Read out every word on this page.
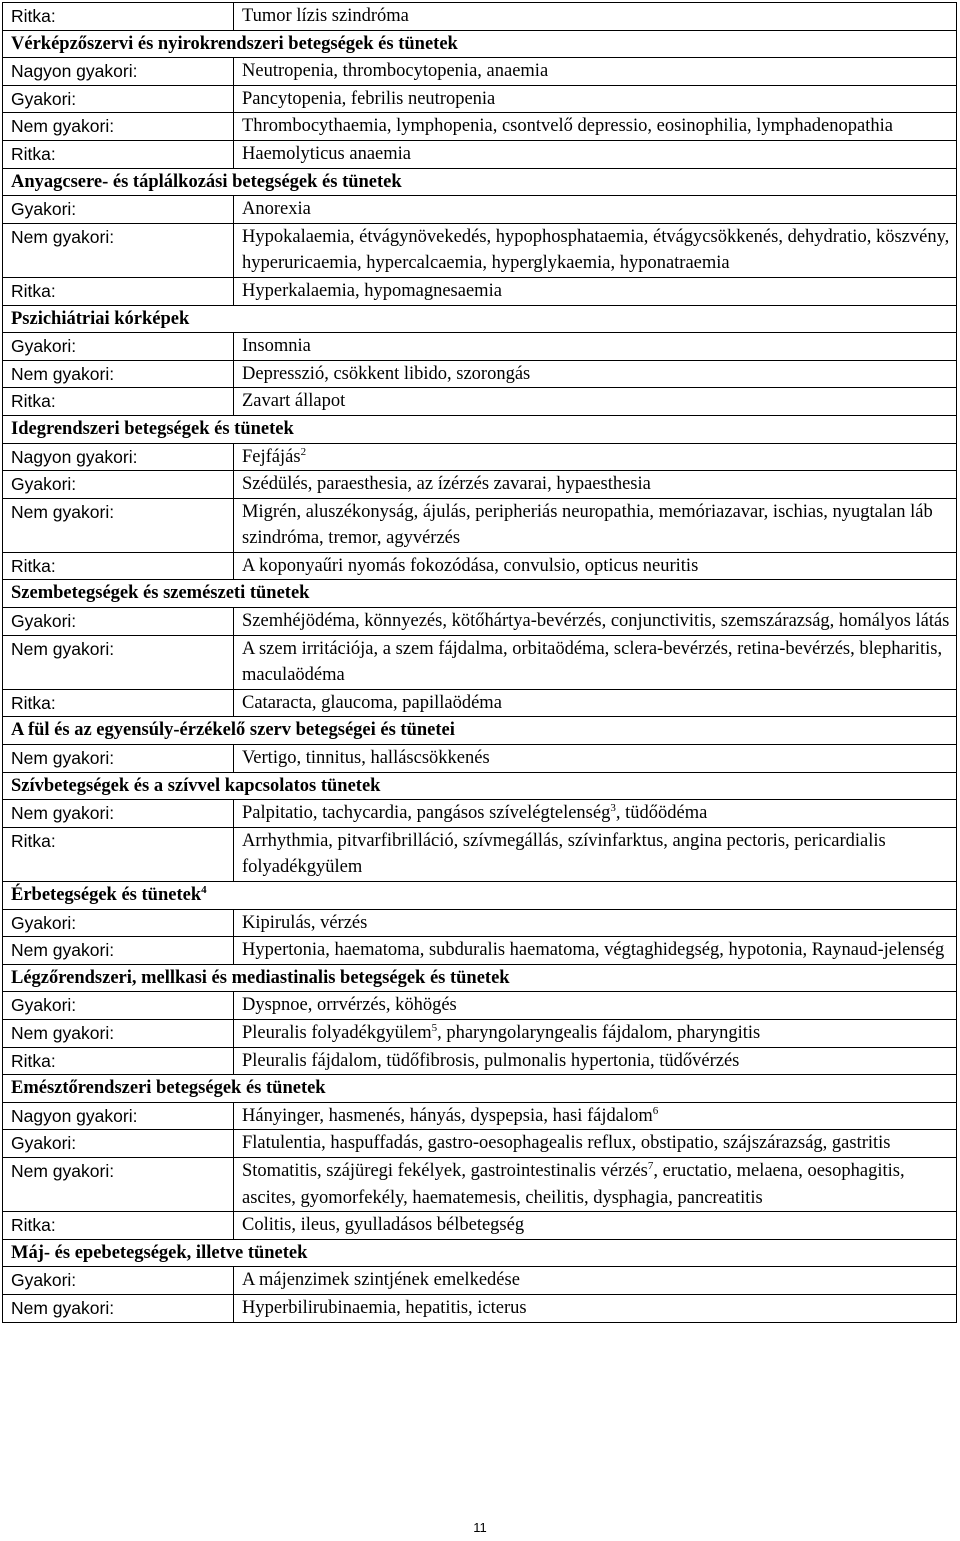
Ritka:	Tumor lízis szindróma
Vérképzőszervi és nyirokrendszeri betegségek és tünetek	
Nagyon gyakori:	Neutropenia, thrombocytopenia, anaemia
Gyakori:	Pancytopenia, febrilis neutropenia
Nem gyakori:	Thrombocythaemia, lymphopenia, csontvelő depressio, eosinophilia, lymphadenopathia
Ritka:	Haemolyticus anaemia
Anyagcsere- és táplálkozási betegségek és tünetek	
Gyakori:	Anorexia
Nem gyakori:	Hypokalaemia, étvágynövekedés, hypophosphataemia, étvágycsökkenés, dehydratio, köszvény, hyperuricaemia, hypercalcaemia, hyperglykaemia, hyponatraemia
Ritka:	Hyperkalaemia, hypomagnesaemia
Pszichiátriai kórképek	
Gyakori:	Insomnia
Nem gyakori:	Depresszió, csökkent libido, szorongás
Ritka:	Zavart állapot
Idegrendszeri betegségek és tünetek	
Nagyon gyakori:	Fejfájás$^2$
Gyakori:	Szédülés, paraesthesia, az ízérzés zavarai, hypaesthesia
Nem gyakori:	Migrén, aluszékonyság, ájulás, peripheriás neuropathia, memóriazavar, ischias, nyugtalan láb szindróma, tremor, agyvérzés
Ritka:	A koponyaűri nyomás fokozódása, convulsio, opticus neuritis
Szembetegségek és szemészeti tünetek	
Gyakori:	Szemhéjödéma, könnyezés, kötőhártya-bevérzés, conjunctivitis, szemszárazság, homályos látás
Nem gyakori:	A szem irritációja, a szem fájdalma, orbitaödéma, sclera-bevérzés, retina-bevérzés, blepharitis, maculaödéma
Ritka:	Cataracta, glaucoma, papillaödéma
A fül és az egyensúly-érzékelő szerv betegségei és tünetei	
Nem gyakori:	Vertigo, tinnitus, halláscsökkenés
Szívbetegségek és a szívvel kapcsolatos tünetek	
Nem gyakori:	Palpitatio, tachycardia, pangásos szívelégtelenség$^3$, tüdőödéma
Ritka:	Arrhythmia, pitvarfibrilláció, szívmegállás, szívinfarktus, angina pectoris, pericardialis folyadékgyülem
Érbetegségek és tünetek$^4$
Gyakori:	Kipirulás, vérzés
Nem gyakori:	Hypertonia, haematoma, subduralis haematoma, végtaghidegség, hypotonia, Raynaud-jelenség
Légzőrendszeri, mellkasi és mediastinalis betegségek és tünetek	
Gyakori:	Dyspnoe, orrvérzés, köhögés
Nem gyakori:	Pleuralis folyadékgyülem$^5$, pharyngolaryngealis fájdalom, pharyngitis
Ritka:	Pleuralis fájdalom, tüdőfibrosis, pulmonalis hypertonia, tüdővérzés
Emésztőrendszeri betegségek és tünetek	
Nagyon gyakori:	Hányinger, hasmenés, hányás, dyspepsia, hasi fájdalom$^6$
Gyakori:	Flatulentia, haspuffadás, gastro-oesophagealis reflux, obstipatio, szájszárazság, gastritis
Nem gyakori:	Stomatitis, szájüregi fekélyek, gastrointestinalis vérzés$^7$, eructatio, melaena, oesophagitis, ascites, gyomorfekély, haematemesis, cheilitis, dysphagia, pancreatitis
Ritka:	Colitis, ileus, gyulladásos bélbetegség
Máj- és epebetegségek, illetve tünetek	
Gyakori:	A májenzimek szintjének emelkedése
Nem gyakori:	Hyperbilirubinaemia, hepatitis, icterus
11
